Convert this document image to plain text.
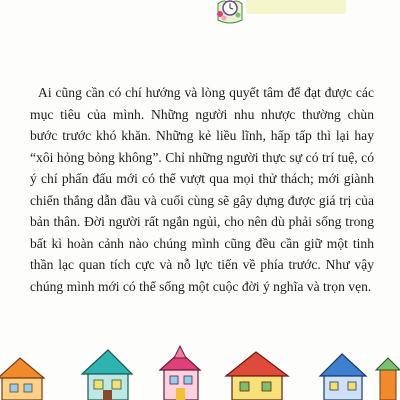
Ai cũng cần có chí hướng và lòng quyết tâm để đạt được các mục tiêu của mình. Những người nhu nhược thường chùn bước trước khó khăn. Những kẻ liều lĩnh, hấp tấp thì lại hay “xôi hỏng bỏng không”. Chỉ những người thực sự có trí tuệ, có ý chí phấn đấu mới có thể vượt qua mọi thử thách; mới giành chiến thắng dẫn đầu và cuối cùng sẽ gây dựng được giá trị của bản thân. Đời người rất ngắn ngủi, cho nên dù phải sống trong bất kì hoàn cảnh nào chúng mình cũng đều cần giữ một tinh thần lạc quan tích cực và nỗ lực tiến về phía trước. Như vậy chúng mình mới có thể sống một cuộc đời ý nghĩa và trọn vẹn.
